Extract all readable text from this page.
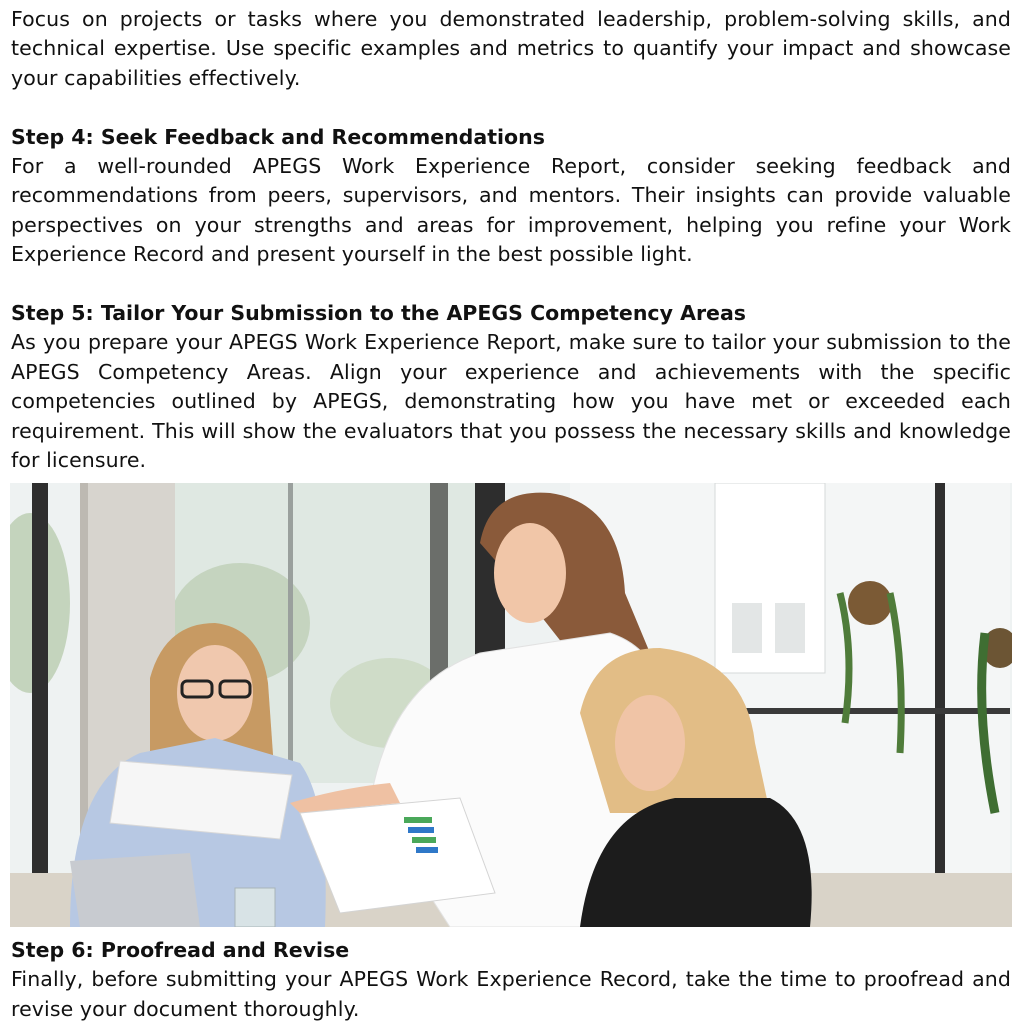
Focus on projects or tasks where you demonstrated leadership, problem-solving skills, and technical expertise. Use specific examples and metrics to quantify your impact and showcase your capabilities effectively.

Step 4: Seek Feedback and Recommendations

For a well-rounded APEGS Work Experience Report, consider seeking feedback and recommendations from peers, supervisors, and mentors. Their insights can provide valuable perspectives on your strengths and areas for improvement, helping you refine your Work Experience Record and present yourself in the best possible light.

Step 5: Tailor Your Submission to the APEGS Competency Areas

As you prepare your APEGS Work Experience Report, make sure to tailor your submission to the APEGS Competency Areas. Align your experience and achievements with the specific competencies outlined by APEGS, demonstrating how you have met or exceeded each requirement. This will show the evaluators that you possess the necessary skills and knowledge for licensure.

Step 6: Proofread and Revise

Finally, before submitting your APEGS Work Experience Record, take the time to proofread and revise your document thoroughly.
